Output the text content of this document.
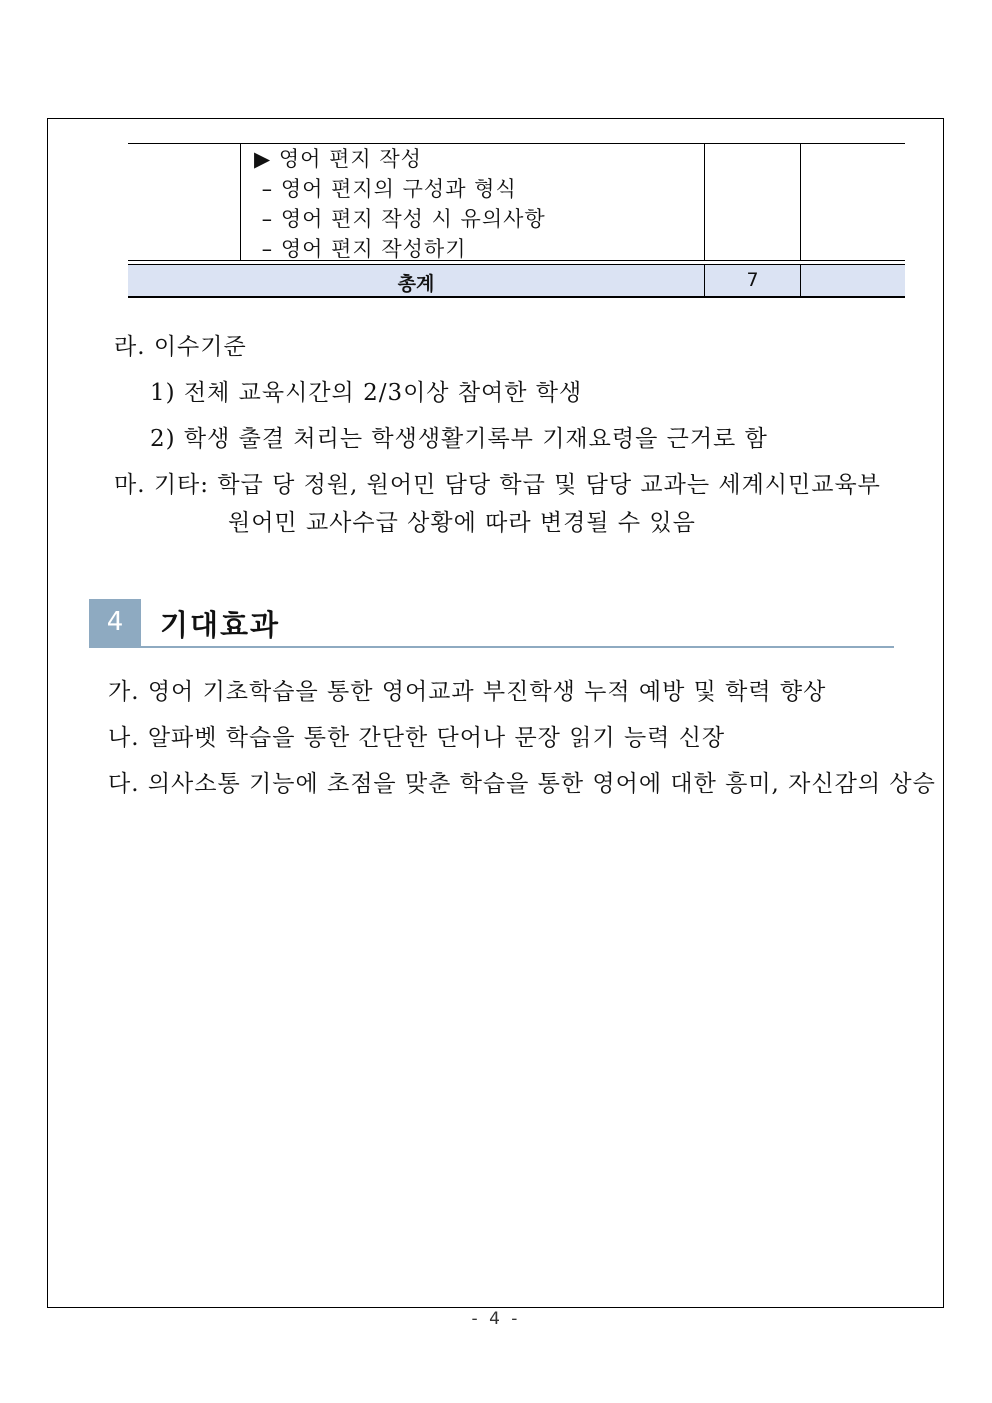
▶ 영어 편지 작성
– 영어 편지의 구성과 형식
– 영어 편지 작성 시 유의사항
– 영어 편지 작성하기
총계	7
라. 이수기준
1) 전체 교육시간의 2/3이상 참여한 학생
2) 학생 출결 처리는 학생생활기록부 기재요령을 근거로 함
마. 기타: 학급 당 정원, 원어민 담당 학급 및 담당 교과는 세계시민교육부
원어민 교사수급 상황에 따라 변경될 수 있음
4	기대효과
가. 영어 기초학습을 통한 영어교과 부진학생 누적 예방 및 학력 향상
나. 알파벳 학습을 통한 간단한 단어나 문장 읽기 능력 신장
다. 의사소통 기능에 초점을 맞춘 학습을 통한 영어에 대한 흥미, 자신감의 상승
- 4 -
